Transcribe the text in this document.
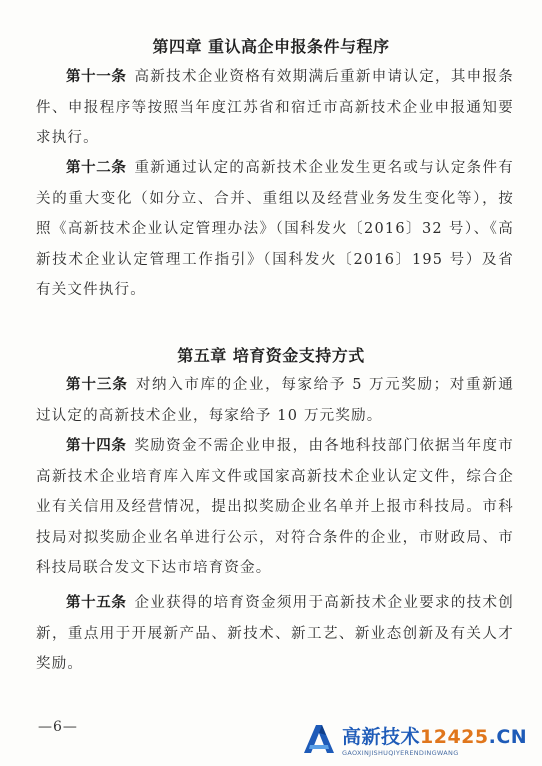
第四章 重认高企申报条件与程序
第十一条 高新技术企业资格有效期满后重新申请认定，其申报条件、申报程序等按照当年度江苏省和宿迁市高新技术企业申报通知要求执行。
第十二条 重新通过认定的高新技术企业发生更名或与认定条件有关的重大变化（如分立、合并、重组以及经营业务发生变化等），按照《高新技术企业认定管理办法》（国科发火〔2016〕32 号）、《高新技术企业认定管理工作指引》（国科发火〔2016〕195 号）及省有关文件执行。
第五章 培育资金支持方式
第十三条 对纳入市库的企业，每家给予 5 万元奖励；对重新通过认定的高新技术企业，每家给予 10 万元奖励。
第十四条 奖励资金不需企业申报，由各地科技部门依据当年度市高新技术企业培育库入库文件或国家高新技术企业认定文件，综合企业有关信用及经营情况，提出拟奖励企业名单并上报市科技局。市科技局对拟奖励企业名单进行公示，对符合条件的企业，市财政局、市科技局联合发文下达市培育资金。
第十五条 企业获得的培育资金须用于高新技术企业要求的技术创新，重点用于开展新产品、新技术、新工艺、新业态创新及有关人才奖励。
—6—	高新技术12425.CN
GAOXINJISHUQIYERENDINGWANG
